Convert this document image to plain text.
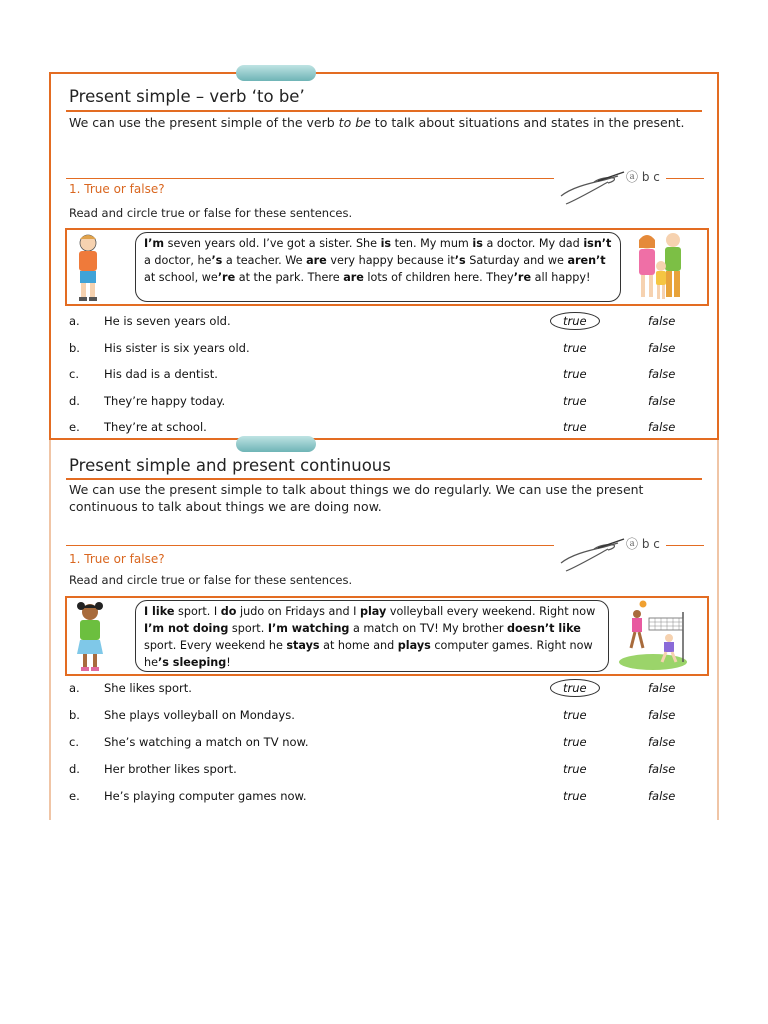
Present simple – verb ‘to be’
We can use the present simple of the verb to be to talk about situations and states in the present.
1. True or false?
ⓐ b c
Read and circle true or false for these sentences.
I’m seven years old. I’ve got a sister. She is ten. My mum is a doctor. My dad isn’t a doctor, he’s a teacher. We are very happy because it’s Saturday and we aren’t at school, we’re at the park. There are lots of children here. They’re all happy!
a. He is seven years old.	true	false
b. His sister is six years old.	true	false
c. His dad is a dentist.	true	false
d. They’re happy today.	true	false
e. They’re at school.	true	false
Present simple and present continuous
We can use the present simple to talk about things we do regularly. We can use the present continuous to talk about things we are doing now.
1. True or false?
ⓐ b c
Read and circle true or false for these sentences.
I like sport. I do judo on Fridays and I play volleyball every weekend. Right now I’m not doing sport. I’m watching a match on TV! My brother doesn’t like sport. Every weekend he stays at home and plays computer games. Right now he’s sleeping!
a. She likes sport.	true	false
b. She plays volleyball on Mondays.	true	false
c. She’s watching a match on TV now.	true	false
d. Her brother likes sport.	true	false
e. He’s playing computer games now.	true	false
